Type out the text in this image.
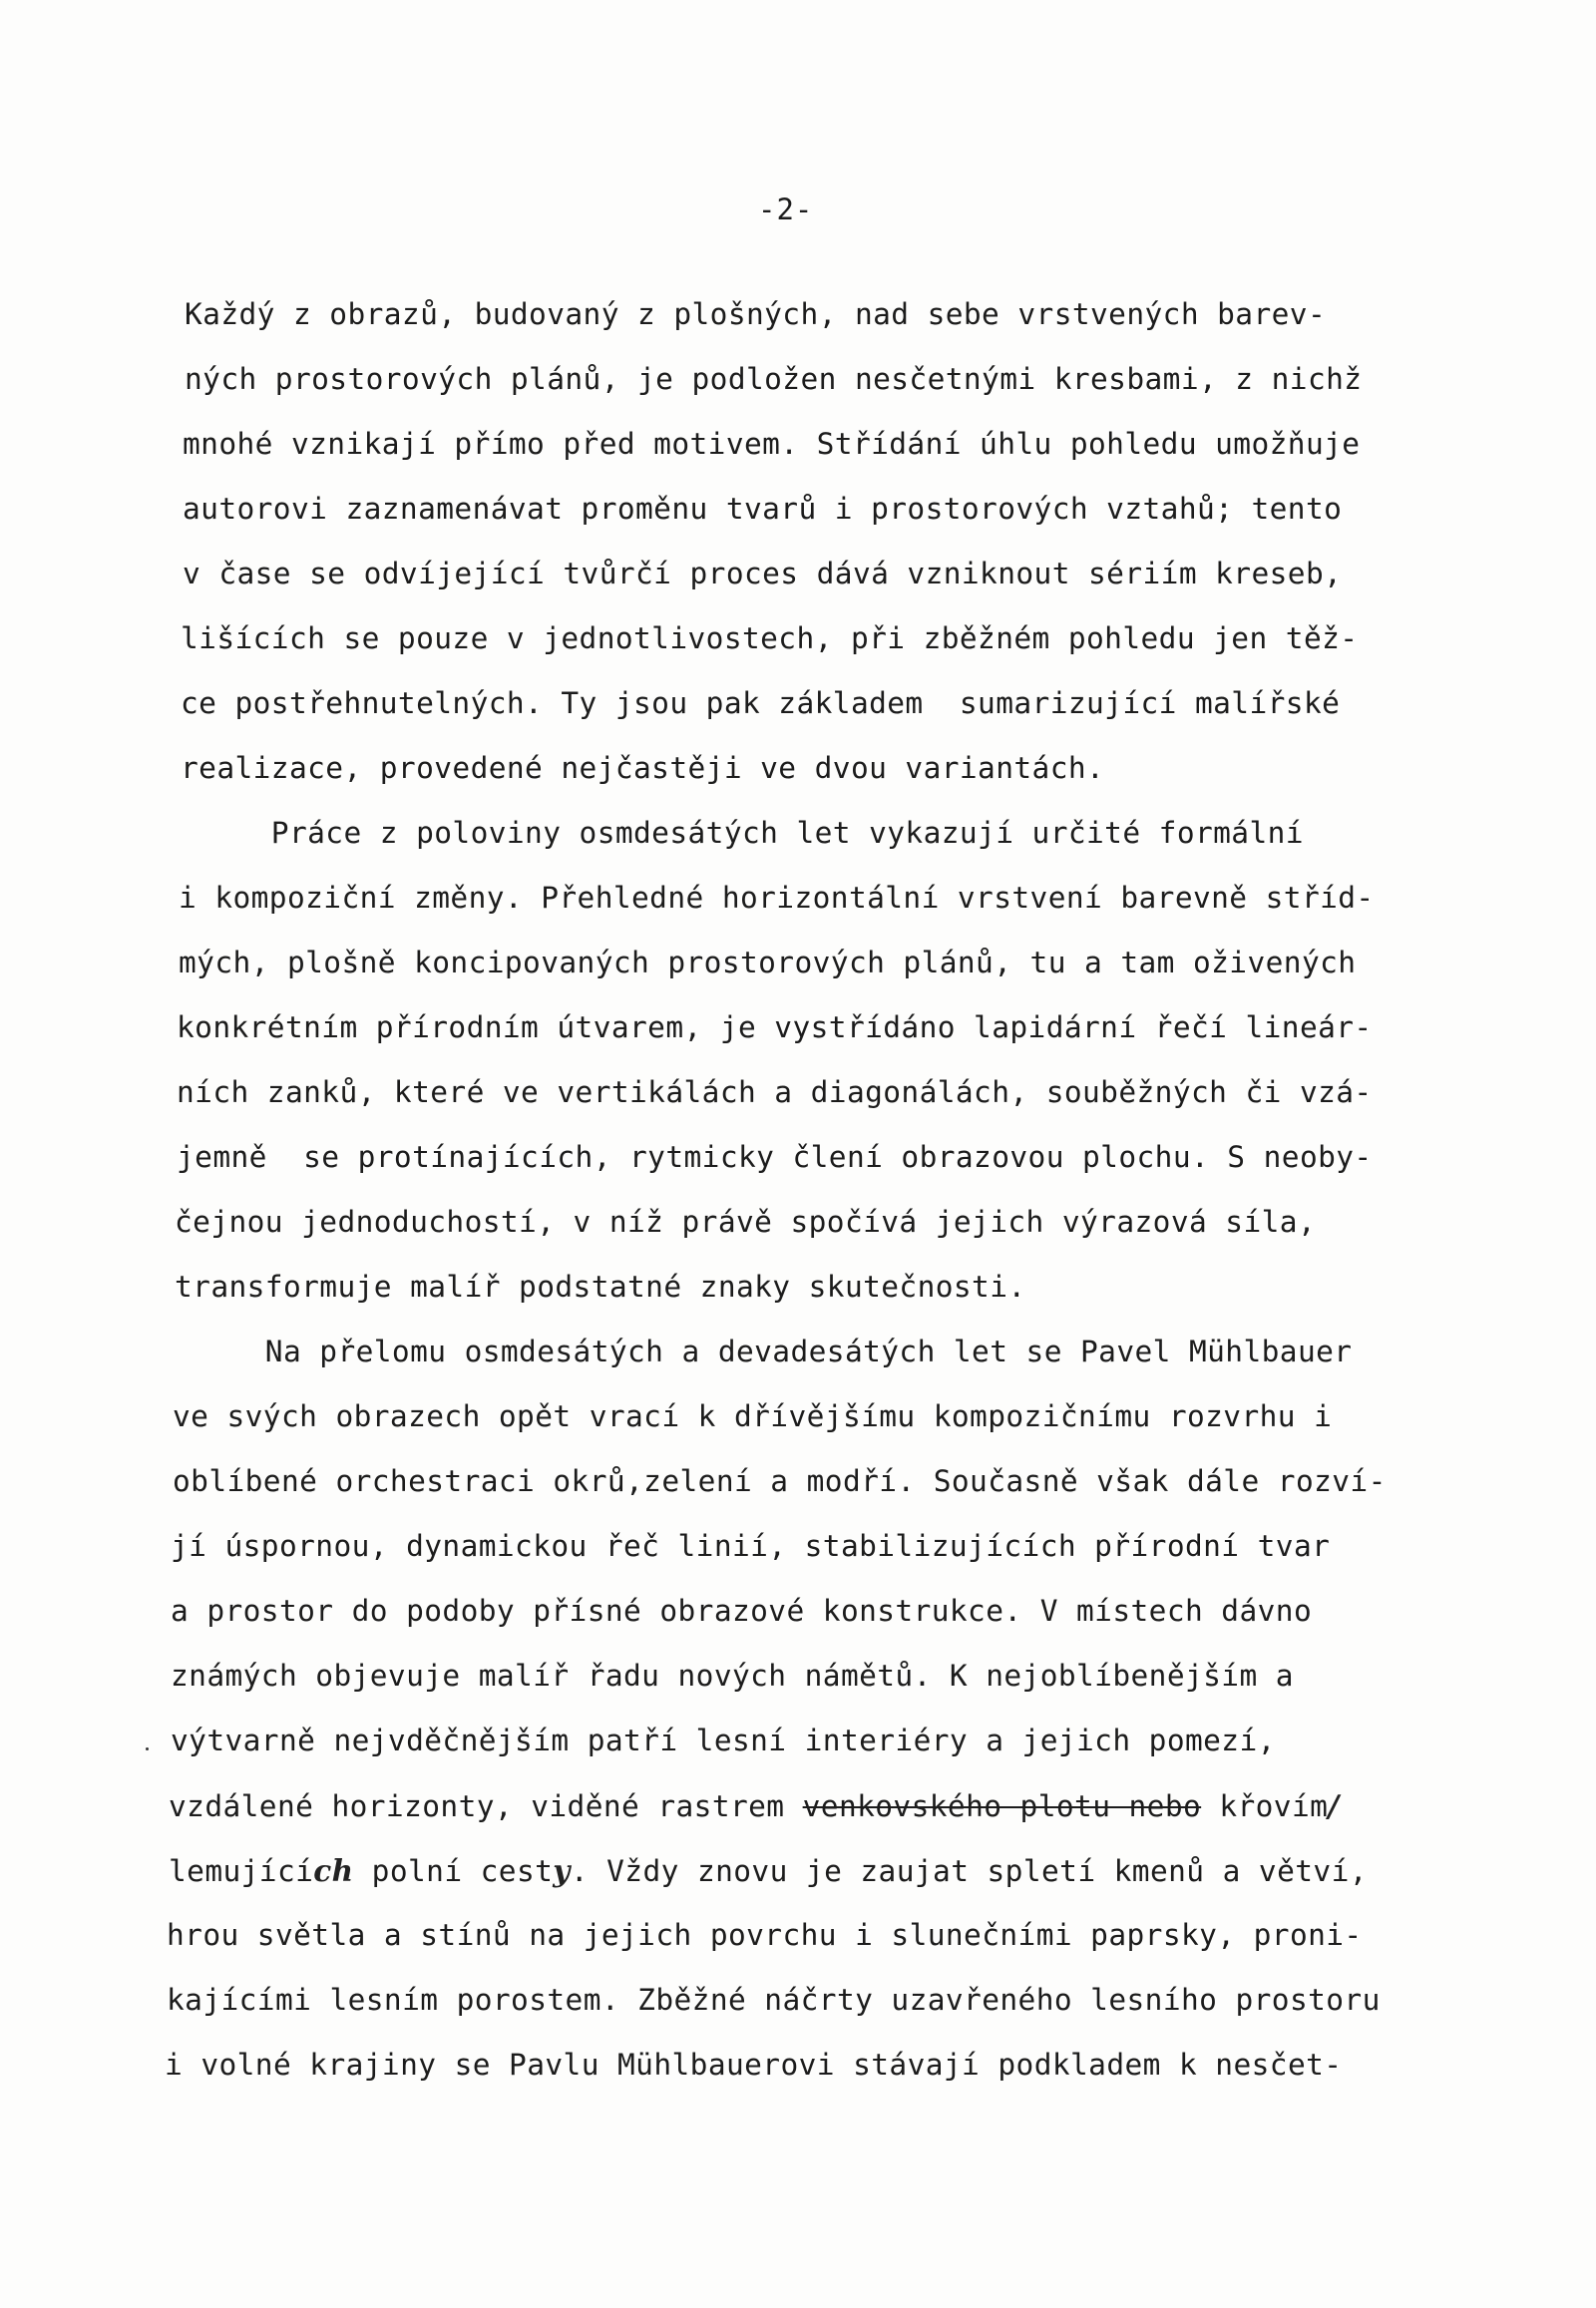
-2-
Každý z obrazů, budovaný z plošných, nad sebe vrstvených barev-
ných prostorových plánů, je podložen nesčetnými kresbami, z nichž
mnohé vznikají přímo před motivem. Střídání úhlu pohledu umožňuje
autorovi zaznamenávat proměnu tvarů i prostorových vztahů; tento
v čase se odvíjející tvůrčí proces dává vzniknout sériím kreseb,
lišících se pouze v jednotlivostech, při zběžném pohledu jen těž-
ce postřehnutelných. Ty jsou pak základem  sumarizující malířské
realizace, provedené nejčastěji ve dvou variantách.
Práce z poloviny osmdesátých let vykazují určité formální
i kompoziční změny. Přehledné horizontální vrstvení barevně stříd-
mých, plošně koncipovaných prostorových plánů, tu a tam oživených
konkrétním přírodním útvarem, je vystřídáno lapidární řečí lineár-
ních zanků, které ve vertikálách a diagonálách, souběžných či vzá-
jemně  se protínajících, rytmicky člení obrazovou plochu. S neoby-
čejnou jednoduchostí, v níž právě spočívá jejich výrazová síla,
transformuje malíř podstatné znaky skutečnosti.
Na přelomu osmdesátých a devadesátých let se Pavel Mühlbauer
ve svých obrazech opět vrací k dřívějšímu kompozičnímu rozvrhu i
oblíbené orchestraci okrů,zelení a modří. Současně však dále rozví-
jí úspornou, dynamickou řeč linií, stabilizujících přírodní tvar
a prostor do podoby přísné obrazové konstrukce. V místech dávno
známých objevuje malíř řadu nových námětů. K nejoblíbenějším a
výtvarně nejvděčnějším patří lesní interiéry a jejich pomezí,
vzdálené horizonty, viděné rastrem venkovského plotu nebo křovím/
lemujících polní cesty. Vždy znovu je zaujat spletí kmenů a větví,
hrou světla a stínů na jejich povrchu i slunečními paprsky, proni-
kajícími lesním porostem. Zběžné náčrty uzavřeného lesního prostoru
i volné krajiny se Pavlu Mühlbauerovi stávají podkladem k nesčet-
